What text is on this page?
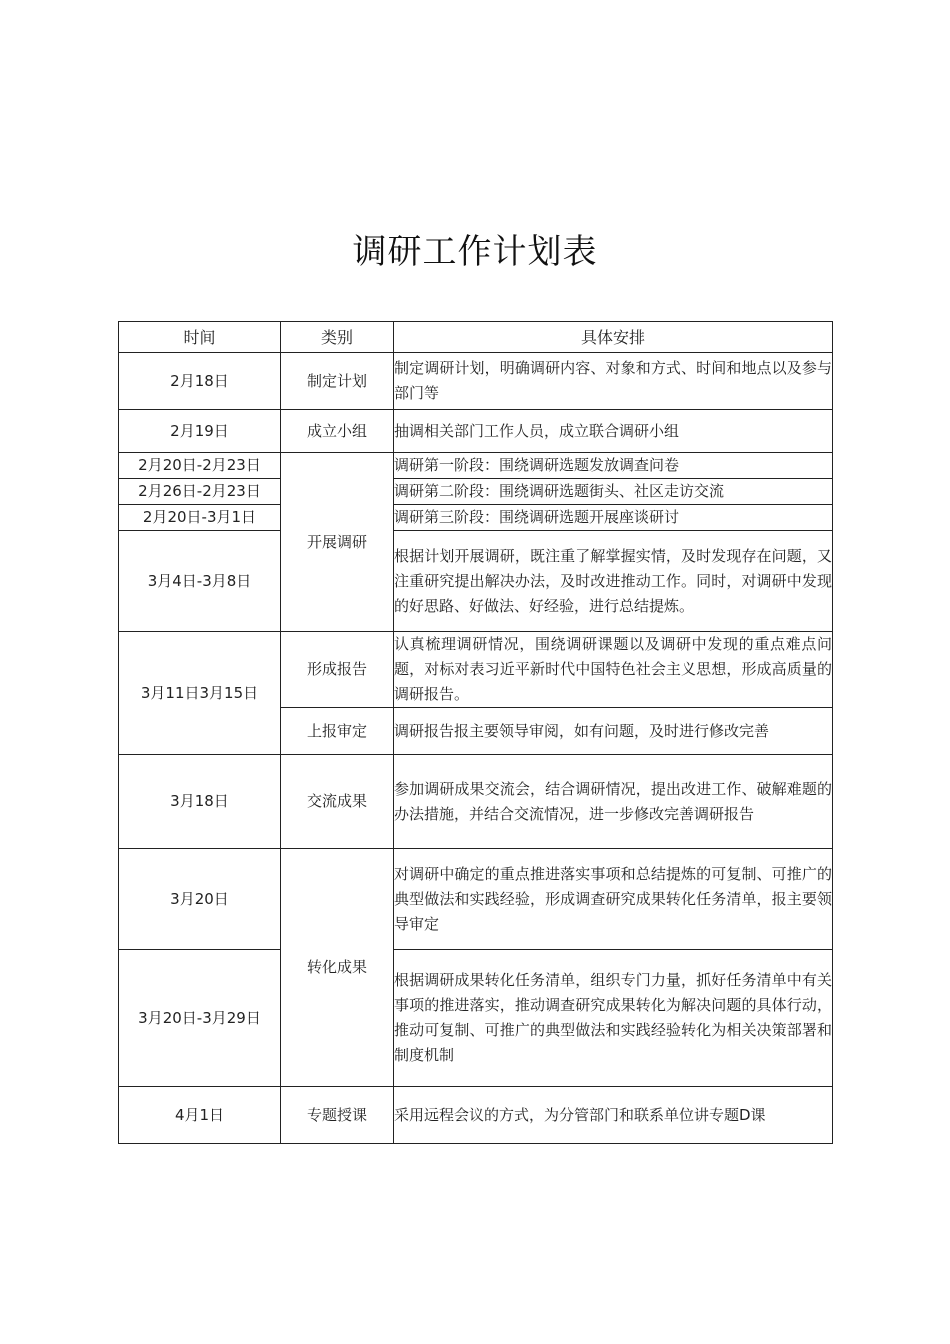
调研工作计划表
时间	类别	具体安排
2月18日	制定计划	制定调研计划，明确调研内容、对象和方式、时间和地点以及参与部门等
2月19日	成立小组	抽调相关部门工作人员，成立联合调研小组
2月20日-2月23日	开展调研	调研第一阶段：围绕调研选题发放调查问卷
2月26日-2月23日		调研第二阶段：围绕调研选题街头、社区走访交流
2月20日-3月1日		调研第三阶段：围绕调研选题开展座谈研讨
3月4日-3月8日		根据计划开展调研，既注重了解掌握实情，及时发现存在问题，又注重研究提出解决办法，及时改进推动工作。同时，对调研中发现的好思路、好做法、好经验，进行总结提炼。
3月11日3月15日	形成报告	认真梳理调研情况，围绕调研课题以及调研中发现的重点难点问题，对标对表习近平新时代中国特色社会主义思想，形成高质量的调研报告。
	上报审定	调研报告报主要领导审阅，如有问题，及时进行修改完善
3月18日	交流成果	参加调研成果交流会，结合调研情况，提出改进工作、破解难题的办法措施，并结合交流情况，进一步修改完善调研报告
3月20日	转化成果	对调研中确定的重点推进落实事项和总结提炼的可复制、可推广的典型做法和实践经验，形成调查研究成果转化任务清单，报主要领导审定
3月20日-3月29日		根据调研成果转化任务清单，组织专门力量，抓好任务清单中有关事项的推进落实，推动调查研究成果转化为解决问题的具体行动，推动可复制、可推广的典型做法和实践经验转化为相关决策部署和制度机制
4月1日	专题授课	采用远程会议的方式，为分管部门和联系单位讲专题D课
